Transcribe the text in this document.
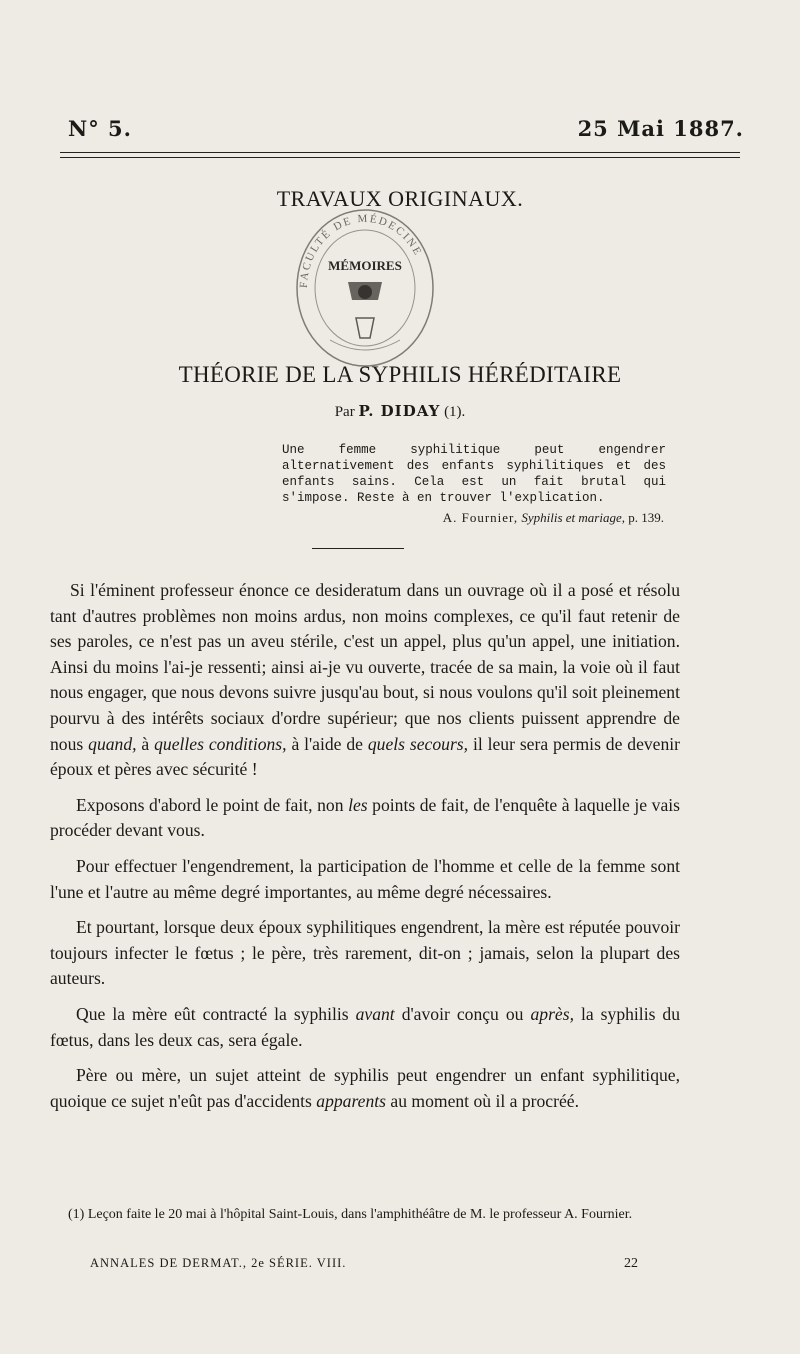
N° 5.	25 Mai 1887.
TRAVAUX ORIGINAUX.
FACULTÉ DE MÉDECINE
MÉMOIRES
THÉORIE DE LA SYPHILIS HÉRÉDITAIRE
Par P. DIDAY (1).
Une femme syphilitique peut engendrer alternativement des enfants syphilitiques et des enfants sains. Cela est un fait brutal qui s'impose. Reste à en trouver l'explication.
A. Fournier, Syphilis et mariage, p. 139.

Si l'éminent professeur énonce ce desideratum dans un ouvrage où il a posé et résolu tant d'autres problèmes non moins ardus, non moins complexes, ce qu'il faut retenir de ses paroles, ce n'est pas un aveu stérile, c'est un appel, plus qu'un appel, une initiation. Ainsi du moins l'ai-je ressenti; ainsi ai-je vu ouverte, tracée de sa main, la voie où il faut nous engager, que nous devons suivre jusqu'au bout, si nous voulons qu'il soit pleinement pourvu à des intérêts sociaux d'ordre supérieur; que nos clients puissent apprendre de nous quand, à quelles conditions, à l'aide de quels secours, il leur sera permis de devenir époux et pères avec sécurité !

Exposons d'abord le point de fait, non les points de fait, de l'enquête à laquelle je vais procéder devant vous.

Pour effectuer l'engendrement, la participation de l'homme et celle de la femme sont l'une et l'autre au même degré importantes, au même degré nécessaires.

Et pourtant, lorsque deux époux syphilitiques engendrent, la mère est réputée pouvoir toujours infecter le fœtus ; le père, très rarement, dit-on ; jamais, selon la plupart des auteurs.

Que la mère eût contracté la syphilis avant d'avoir conçu ou après, la syphilis du fœtus, dans les deux cas, sera égale.

Père ou mère, un sujet atteint de syphilis peut engendrer un enfant syphilitique, quoique ce sujet n'eût pas d'accidents apparents au moment où il a procréé.

(1) Leçon faite le 20 mai à l'hôpital Saint-Louis, dans l'amphithéâtre de M. le professeur A. Fournier.
ANNALES DE DERMAT., 2e SÉRIE. VIII.	22
